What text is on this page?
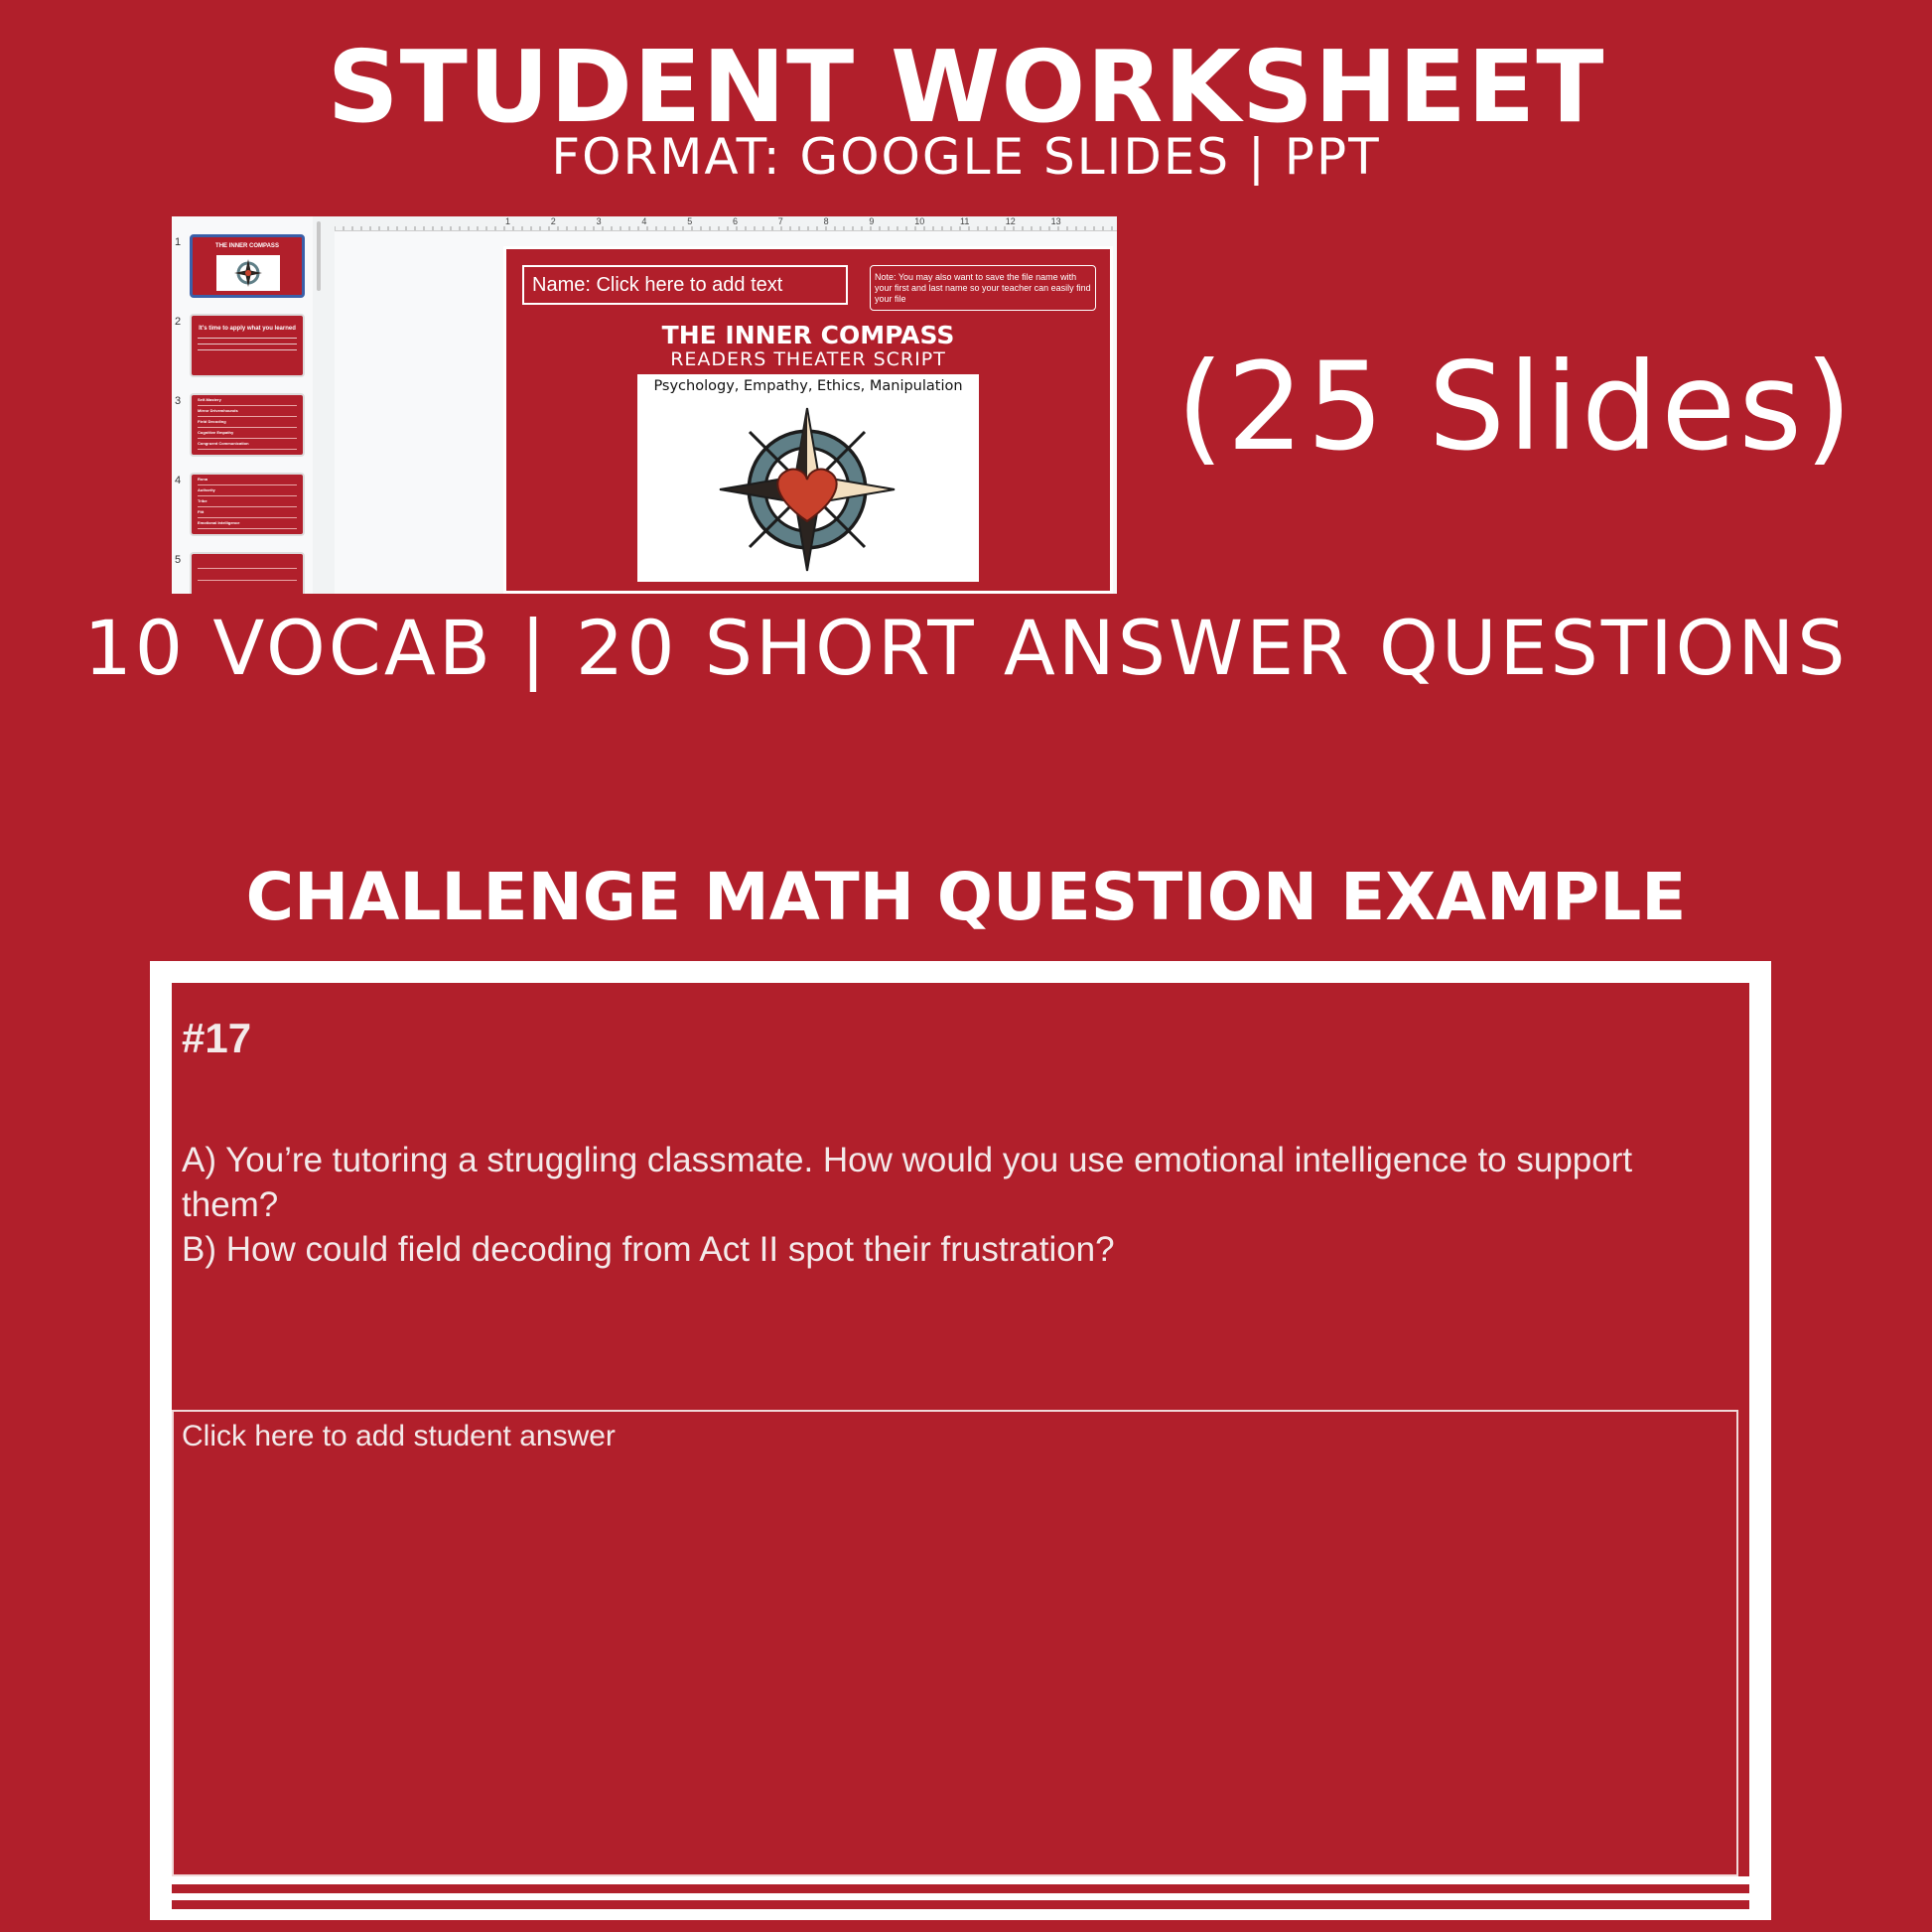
STUDENT WORKSHEET
FORMAT: GOOGLE SLIDES | PPT
1	THE INNER COMPASS
2
It's time to apply what you learned
3	Self-Mastery
Mirror Drivemhounds
Field Decoding
Cognitive Empathy
Congruent Communication
4	Rona
Authority
Tribe
Fitt
Emotional Intelligence
5
1	2	3	4	5	6	7	8	9	10	11	12	13
Name: Click here to add text	Note: You may also want to save the file name with your first and last name so your teacher can easily find your file
THE INNER COMPASS
READERS THEATER SCRIPT
Psychology, Empathy, Ethics, Manipulation (25 Slides)
10 VOCAB | 20 SHORT ANSWER QUESTIONS
CHALLENGE MATH QUESTION EXAMPLE
#17
A) You’re tutoring a struggling classmate. How would you use emotional intelligence to support them?
B) How could field decoding from Act II spot their frustration?
Click here to add student answer
